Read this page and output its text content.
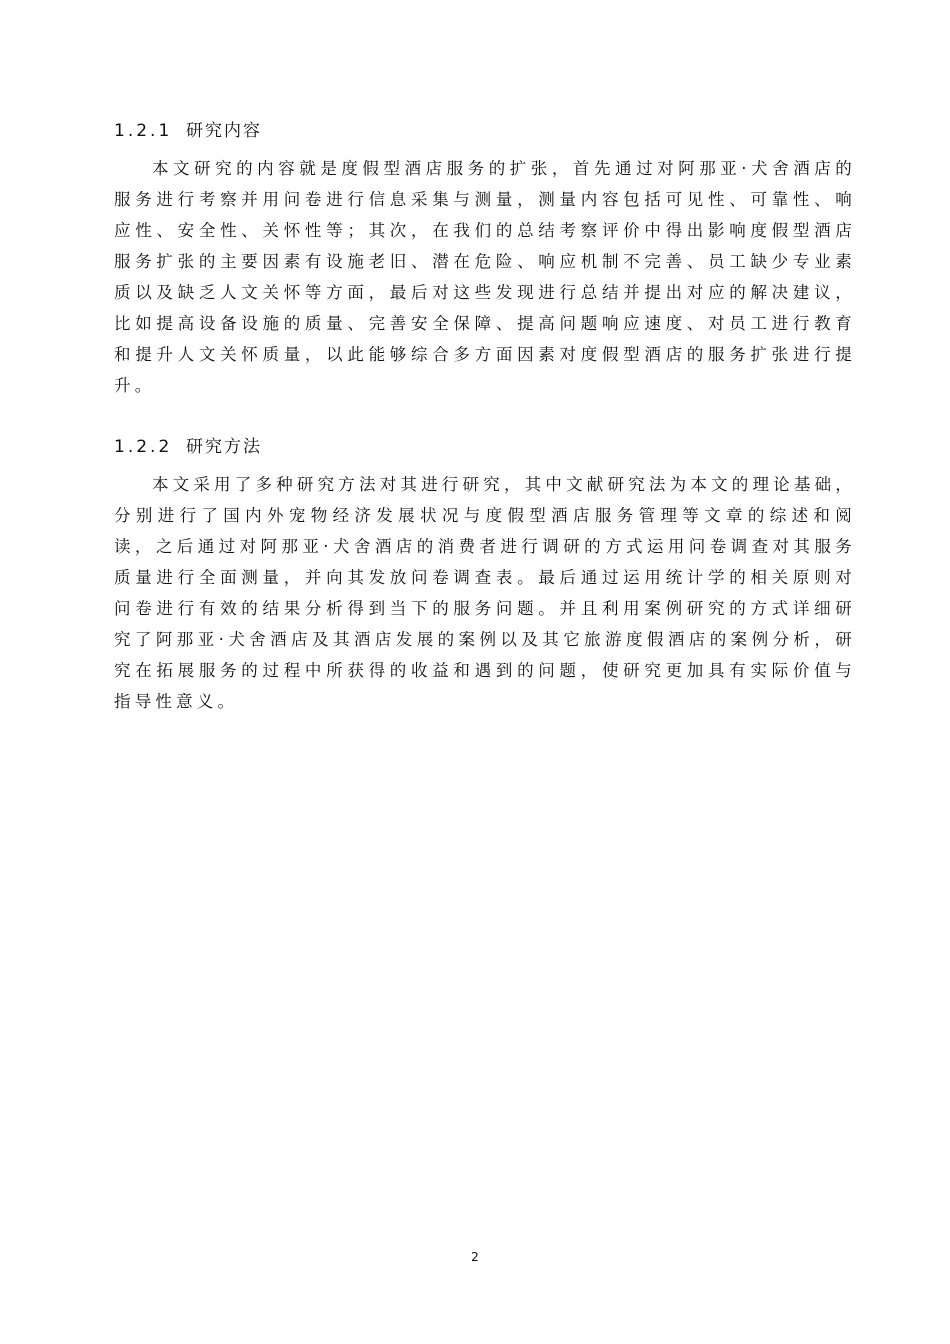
1.2.1 研究内容

本文研究的内容就是度假型酒店服务的扩张，首先通过对阿那亚·犬舍酒店的服务进行考察并用问卷进行信息采集与测量，测量内容包括可见性、可靠性、响应性、安全性、关怀性等；其次，在我们的总结考察评价中得出影响度假型酒店服务扩张的主要因素有设施老旧、潜在危险、响应机制不完善、员工缺少专业素质以及缺乏人文关怀等方面，最后对这些发现进行总结并提出对应的解决建议，比如提高设备设施的质量、完善安全保障、提高问题响应速度、对员工进行教育和提升人文关怀质量，以此能够综合多方面因素对度假型酒店的服务扩张进行提升。

1.2.2 研究方法

本文采用了多种研究方法对其进行研究，其中文献研究法为本文的理论基础，分别进行了国内外宠物经济发展状况与度假型酒店服务管理等文章的综述和阅读，之后通过对阿那亚·犬舍酒店的消费者进行调研的方式运用问卷调查对其服务质量进行全面测量，并向其发放问卷调查表。最后通过运用统计学的相关原则对问卷进行有效的结果分析得到当下的服务问题。并且利用案例研究的方式详细研究了阿那亚·犬舍酒店及其酒店发展的案例以及其它旅游度假酒店的案例分析，研究在拓展服务的过程中所获得的收益和遇到的问题，使研究更加具有实际价值与指导性意义。

2
